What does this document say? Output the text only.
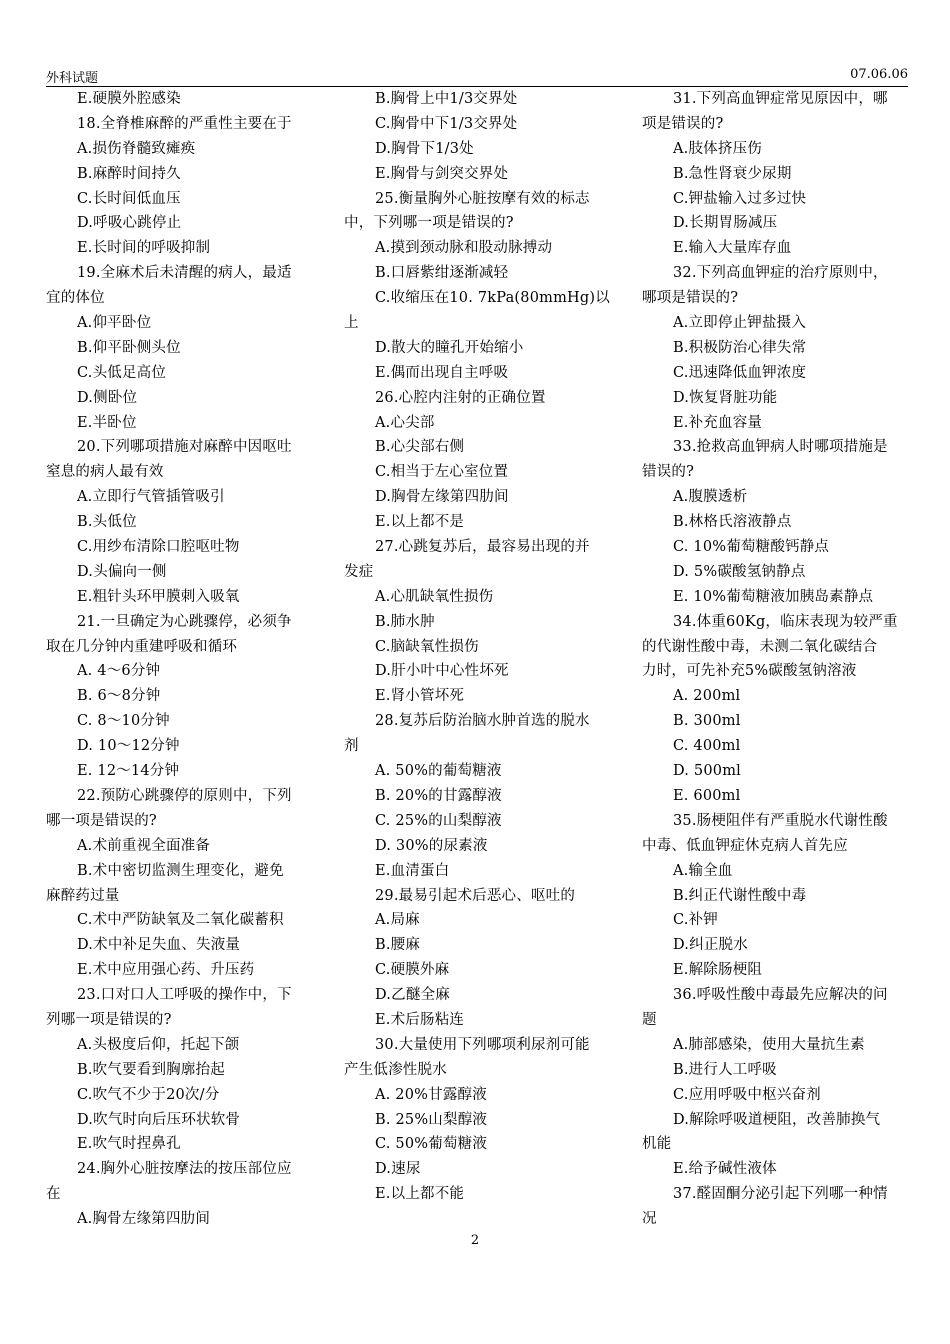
外科试题	07.06.06
E.硬膜外腔感染
18.全脊椎麻醉的严重性主要在于
A.损伤脊髓致瘫痪
B.麻醉时间持久
C.长时间低血压
D.呼吸心跳停止
E.长时间的呼吸抑制
19.全麻术后未清醒的病人，最适
宜的体位
A.仰平卧位
B.仰平卧侧头位
C.头低足高位
D.侧卧位
E.半卧位
20.下列哪项措施对麻醉中因呕吐
窒息的病人最有效
A.立即行气管插管吸引
B.头低位
C.用纱布清除口腔呕吐物
D.头偏向一侧
E.粗针头环甲膜刺入吸氧
21.一旦确定为心跳骤停，必须争
取在几分钟内重建呼吸和循环
A. 4～6分钟
B. 6～8分钟
C. 8～10分钟
D. 10～12分钟
E. 12～14分钟
22.预防心跳骤停的原则中，下列
哪一项是错误的?
A.术前重视全面准备
B.术中密切监测生理变化，避免
麻醉药过量
C.术中严防缺氧及二氧化碳蓄积
D.术中补足失血、失液量
E.术中应用强心药、升压药
23.口对口人工呼吸的操作中，下
列哪一项是错误的?
A.头极度后仰，托起下颌
B.吹气要看到胸廓抬起
C.吹气不少于20次/分
D.吹气时向后压环状软骨
E.吹气时捏鼻孔
24.胸外心脏按摩法的按压部位应
在
A.胸骨左缘第四肋间
B.胸骨上中1/3交界处
C.胸骨中下1/3交界处
D.胸骨下1/3处
E.胸骨与剑突交界处
25.衡量胸外心脏按摩有效的标志
中，下列哪一项是错误的?
A.摸到颈动脉和股动脉搏动
B.口唇紫绀逐渐减轻
C.收缩压在10. 7kPa(80mmHg)以
上
D.散大的瞳孔开始缩小
E.偶而出现自主呼吸
26.心腔内注射的正确位置
A.心尖部
B.心尖部右侧
C.相当于左心室位置
D.胸骨左缘第四肋间
E.以上都不是
27.心跳复苏后，最容易出现的并
发症
A.心肌缺氧性损伤
B.肺水肿
C.脑缺氧性损伤
D.肝小叶中心性坏死
E.肾小管坏死
28.复苏后防治脑水肿首选的脱水
剂
A. 50%的葡萄糖液
B. 20%的甘露醇液
C. 25%的山梨醇液
D. 30%的尿素液
E.血清蛋白
29.最易引起术后恶心、呕吐的
A.局麻
B.腰麻
C.硬膜外麻
D.乙醚全麻
E.术后肠粘连
30.大量使用下列哪项利尿剂可能
产生低渗性脱水
A. 20%甘露醇液
B. 25%山梨醇液
C. 50%葡萄糖液
D.速尿
E.以上都不能
31.下列高血钾症常见原因中，哪
项是错误的?
A.肢体挤压伤
B.急性肾衰少尿期
C.钾盐输入过多过快
D.长期胃肠减压
E.输入大量库存血
32.下列高血钾症的治疗原则中，
哪项是错误的?
A.立即停止钾盐摄入
B.积极防治心律失常
C.迅速降低血钾浓度
D.恢复肾脏功能
E.补充血容量
33.抢救高血钾病人时哪项措施是
错误的?
A.腹膜透析
B.林格氏溶液静点
C. 10%葡萄糖酸钙静点
D. 5%碳酸氢钠静点
E. 10%葡萄糖液加胰岛素静点
34.体重60Kg，临床表现为较严重
的代谢性酸中毒，未测二氧化碳结合
力时，可先补充5%碳酸氢钠溶液
A. 200ml
B. 300ml
C. 400ml
D. 500ml
E. 600ml
35.肠梗阻伴有严重脱水代谢性酸
中毒、低血钾症休克病人首先应
A.输全血
B.纠正代谢性酸中毒
C.补钾
D.纠正脱水
E.解除肠梗阻
36.呼吸性酸中毒最先应解决的问
题
A.肺部感染，使用大量抗生素
B.进行人工呼吸
C.应用呼吸中枢兴奋剂
D.解除呼吸道梗阻，改善肺换气
机能
E.给予碱性液体
37.醛固酮分泌引起下列哪一种情
况
2
